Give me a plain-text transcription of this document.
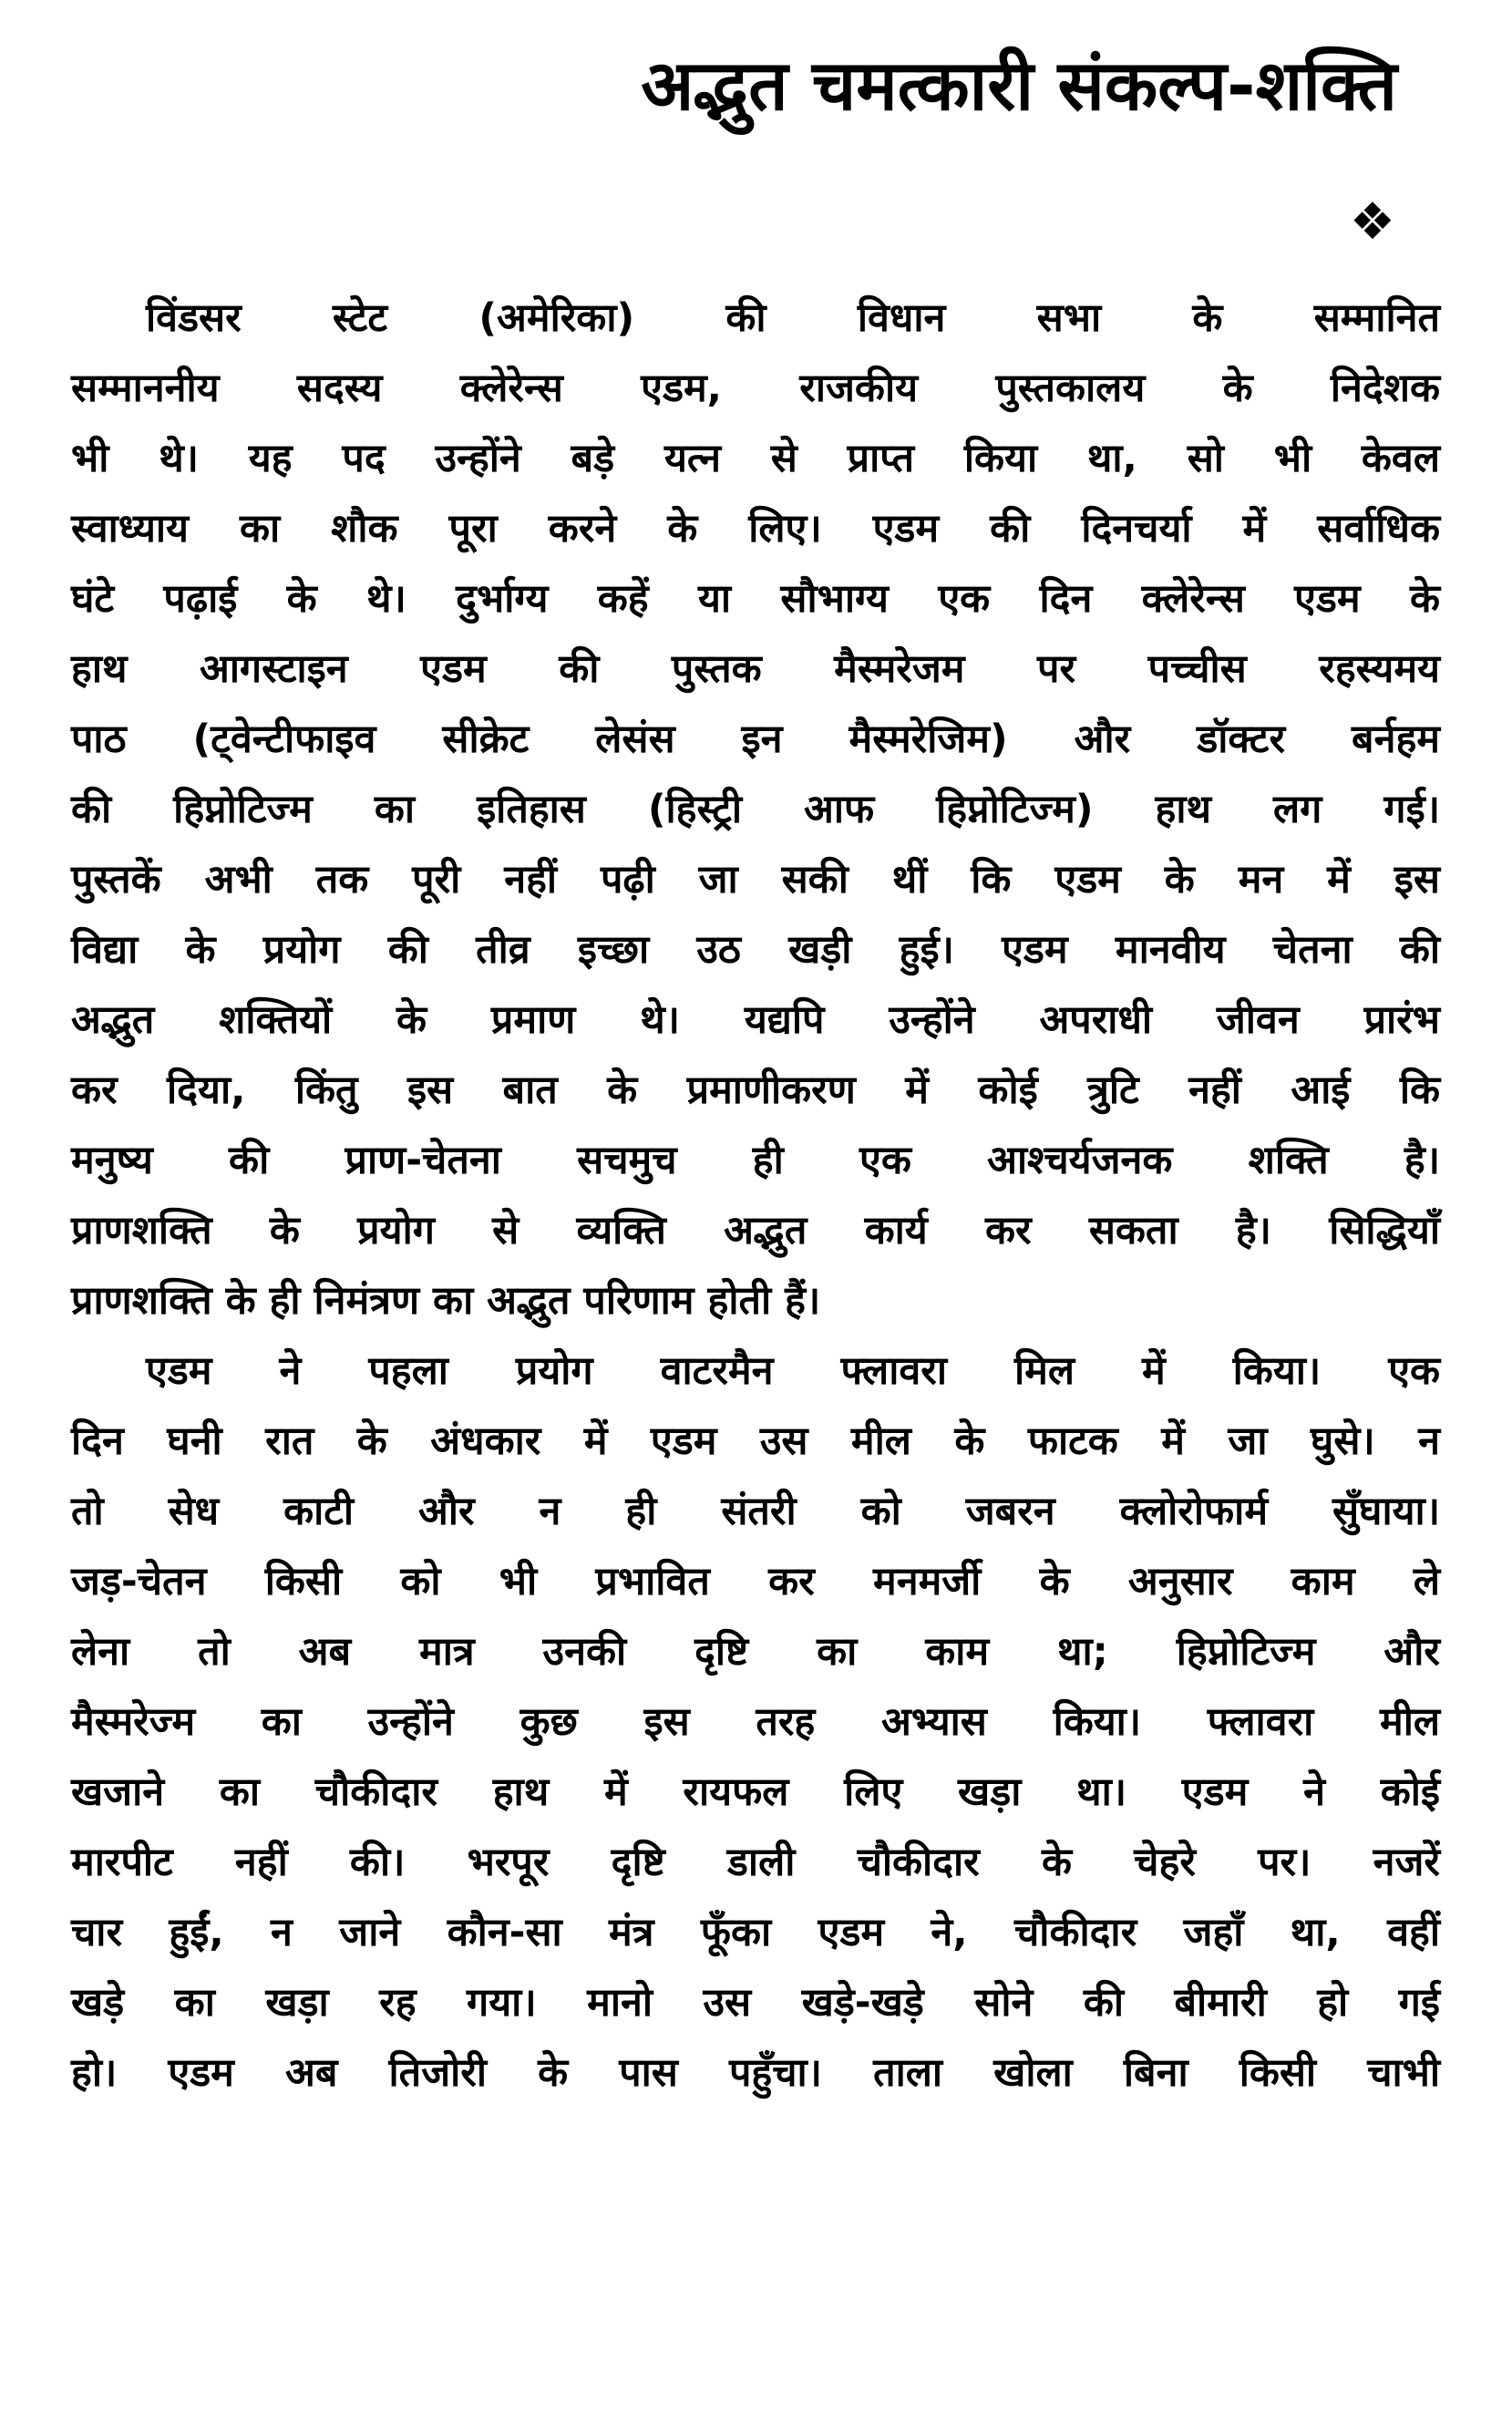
अद्भुत चमत्कारी संकल्प-शक्ति
❖
विंडसर स्टेट (अमेरिका) की विधान सभा के सम्मानित
सम्माननीय सदस्य क्लेरेन्स एडम, राजकीय पुस्तकालय के निदेशक
भी थे। यह पद उन्होंने बड़े यत्न से प्राप्त किया था, सो भी केवल
स्वाध्याय का शौक पूरा करने के लिए। एडम की दिनचर्या में सर्वाधिक
घंटे पढ़ाई के थे। दुर्भाग्य कहें या सौभाग्य एक दिन क्लेरेन्स एडम के
हाथ आगस्टाइन एडम की पुस्तक मैस्मरेजम पर पच्चीस रहस्यमय
पाठ (ट्वेन्टीफाइव सीक्रेट लेसंस इन मैस्मरेजिम) और डॉक्टर बर्नहम
की हिप्नोटिज्म का इतिहास (हिस्ट्री आफ हिप्नोटिज्म) हाथ लग गई।
पुस्तकें अभी तक पूरी नहीं पढ़ी जा सकी थीं कि एडम के मन में इस
विद्या के प्रयोग की तीव्र इच्छा उठ खड़ी हुई। एडम मानवीय चेतना की
अद्भुत शक्तियों के प्रमाण थे। यद्यपि उन्होंने अपराधी जीवन प्रारंभ
कर दिया, किंतु इस बात के प्रमाणीकरण में कोई त्रुटि नहीं आई कि
मनुष्य की प्राण-चेतना सचमुच ही एक आश्चर्यजनक शक्ति है।
प्राणशक्ति के प्रयोग से व्यक्ति अद्भुत कार्य कर सकता है। सिद्धियाँ
प्राणशक्ति के ही निमंत्रण का अद्भुत परिणाम होती हैं।
एडम ने पहला प्रयोग वाटरमैन फ्लावरा मिल में किया। एक
दिन घनी रात के अंधकार में एडम उस मील के फाटक में जा घुसे। न
तो सेध काटी और न ही संतरी को जबरन क्लोरोफार्म सुँघाया।
जड़-चेतन किसी को भी प्रभावित कर मनमर्जी के अनुसार काम ले
लेना तो अब मात्र उनकी दृष्टि का काम था; हिप्नोटिज्म और
मैस्मरेज्म का उन्होंने कुछ इस तरह अभ्यास किया। फ्लावरा मील
खजाने का चौकीदार हाथ में रायफल लिए खड़ा था। एडम ने कोई
मारपीट नहीं की। भरपूर दृष्टि डाली चौकीदार के चेहरे पर। नजरें
चार हुईं, न जाने कौन-सा मंत्र फूँका एडम ने, चौकीदार जहाँ था, वहीं
खड़े का खड़ा रह गया। मानो उस खड़े-खड़े सोने की बीमारी हो गई
हो। एडम अब तिजोरी के पास पहुँचा। ताला खोला बिना किसी चाभी
